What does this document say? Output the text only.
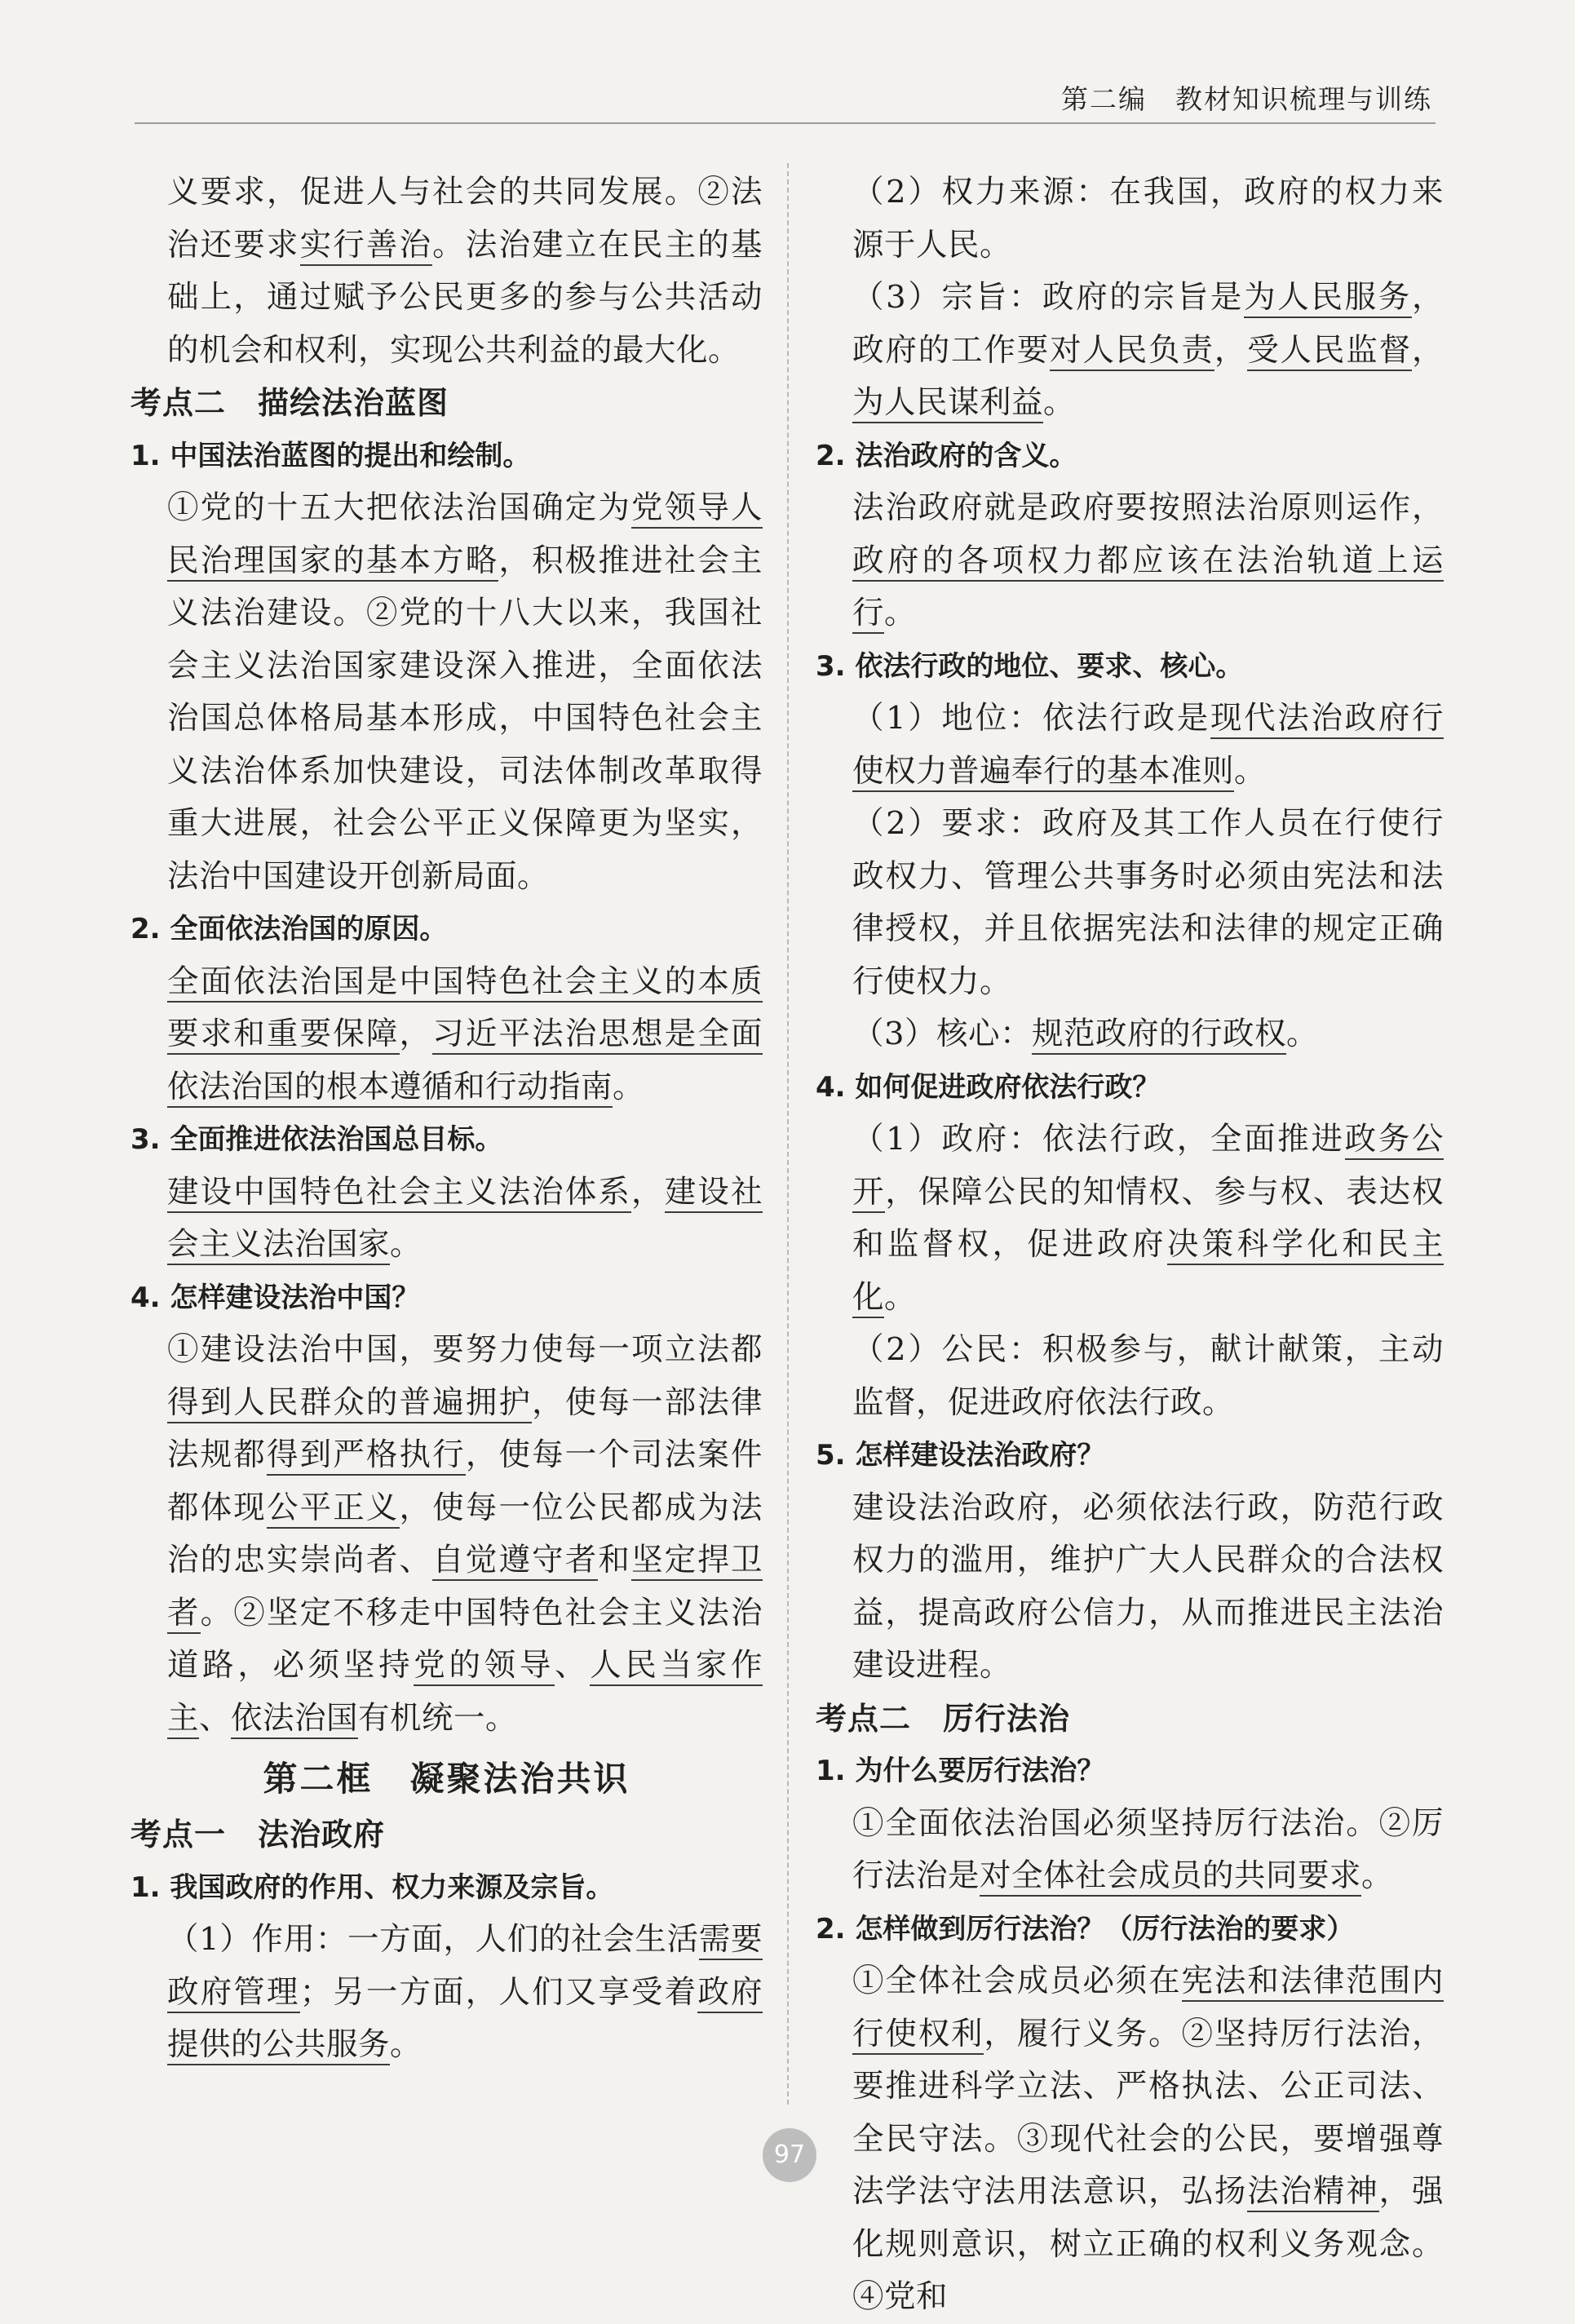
第二编　教材知识梳理与训练

义要求，促进人与社会的共同发展。②法治还要求实行善治。法治建立在民主的基础上，通过赋予公民更多的参与公共活动的机会和权利，实现公共利益的最大化。

考点二　描绘法治蓝图

1. 中国法治蓝图的提出和绘制。

①党的十五大把依法治国确定为党领导人民治理国家的基本方略，积极推进社会主义法治建设。②党的十八大以来，我国社会主义法治国家建设深入推进，全面依法治国总体格局基本形成，中国特色社会主义法治体系加快建设，司法体制改革取得重大进展，社会公平正义保障更为坚实，法治中国建设开创新局面。

2. 全面依法治国的原因。

全面依法治国是中国特色社会主义的本质要求和重要保障，习近平法治思想是全面依法治国的根本遵循和行动指南。

3. 全面推进依法治国总目标。

建设中国特色社会主义法治体系，建设社会主义法治国家。

4. 怎样建设法治中国？

①建设法治中国，要努力使每一项立法都得到人民群众的普遍拥护，使每一部法律法规都得到严格执行，使每一个司法案件都体现公平正义，使每一位公民都成为法治的忠实崇尚者、自觉遵守者和坚定捍卫者。②坚定不移走中国特色社会主义法治道路，必须坚持党的领导、人民当家作主、依法治国有机统一。

第二框　凝聚法治共识

考点一　法治政府

1. 我国政府的作用、权力来源及宗旨。

（1）作用：一方面，人们的社会生活需要政府管理；另一方面，人们又享受着政府提供的公共服务。

（2）权力来源：在我国，政府的权力来源于人民。

（3）宗旨：政府的宗旨是为人民服务，政府的工作要对人民负责，受人民监督，为人民谋利益。

2. 法治政府的含义。

法治政府就是政府要按照法治原则运作，政府的各项权力都应该在法治轨道上运行。

3. 依法行政的地位、要求、核心。

（1）地位：依法行政是现代法治政府行使权力普遍奉行的基本准则。

（2）要求：政府及其工作人员在行使行政权力、管理公共事务时必须由宪法和法律授权，并且依据宪法和法律的规定正确行使权力。

（3）核心：规范政府的行政权。

4. 如何促进政府依法行政？

（1）政府：依法行政，全面推进政务公开，保障公民的知情权、参与权、表达权和监督权，促进政府决策科学化和民主化。

（2）公民：积极参与，献计献策，主动监督，促进政府依法行政。

5. 怎样建设法治政府？

建设法治政府，必须依法行政，防范行政权力的滥用，维护广大人民群众的合法权益，提高政府公信力，从而推进民主法治建设进程。

考点二　厉行法治

1. 为什么要厉行法治？

①全面依法治国必须坚持厉行法治。②厉行法治是对全体社会成员的共同要求。

2. 怎样做到厉行法治？（厉行法治的要求）

①全体社会成员必须在宪法和法律范围内行使权利，履行义务。②坚持厉行法治，要推进科学立法、严格执法、公正司法、全民守法。③现代社会的公民，要增强尊法学法守法用法意识，弘扬法治精神，强化规则意识，树立正确的权利义务观念。④党和

97
